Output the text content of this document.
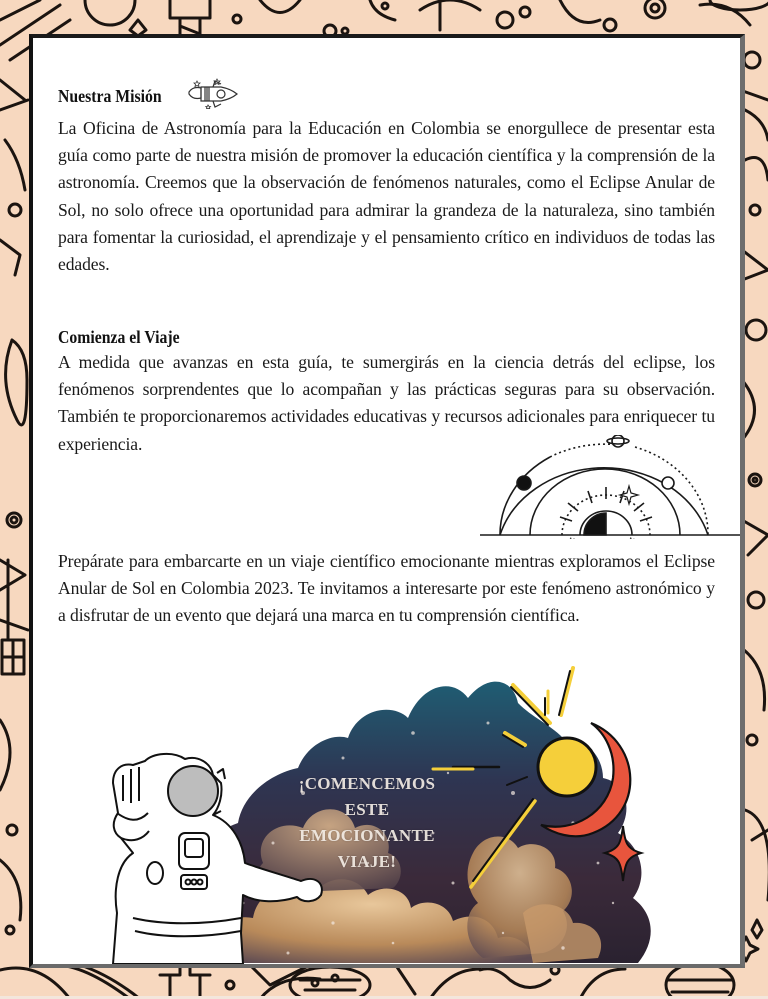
Nuestra Misión

La Oficina de Astronomía para la Educación en Colombia se enorgullece de presentar esta guía como parte de nuestra misión de promover la educación científica y la comprensión de la astronomía. Creemos que la observación de fenómenos naturales, como el Eclipse Anular de Sol, no solo ofrece una oportunidad para admirar la grandeza de la naturaleza, sino también para fomentar la curiosidad, el aprendizaje y el pensamiento crítico en individuos de todas las edades.

Comienza el Viaje

A medida que avanzas en esta guía, te sumergirás en la ciencia detrás del eclipse, los fenómenos sorprendentes que lo acompañan y las prácticas seguras para su observación. También te proporcionaremos actividades educativas y recursos adicionales para enriquecer tu experiencia.

Prepárate para embarcarte en un viaje científico emocionante mientras exploramos el Eclipse Anular de Sol en Colombia 2023. Te invitamos a interesarte por este fenómeno astronómico y a disfrutar de un evento que dejará una marca en tu comprensión científica.

¡COMENCEMOS
ESTE EMOCIONANTE
VIAJE!
